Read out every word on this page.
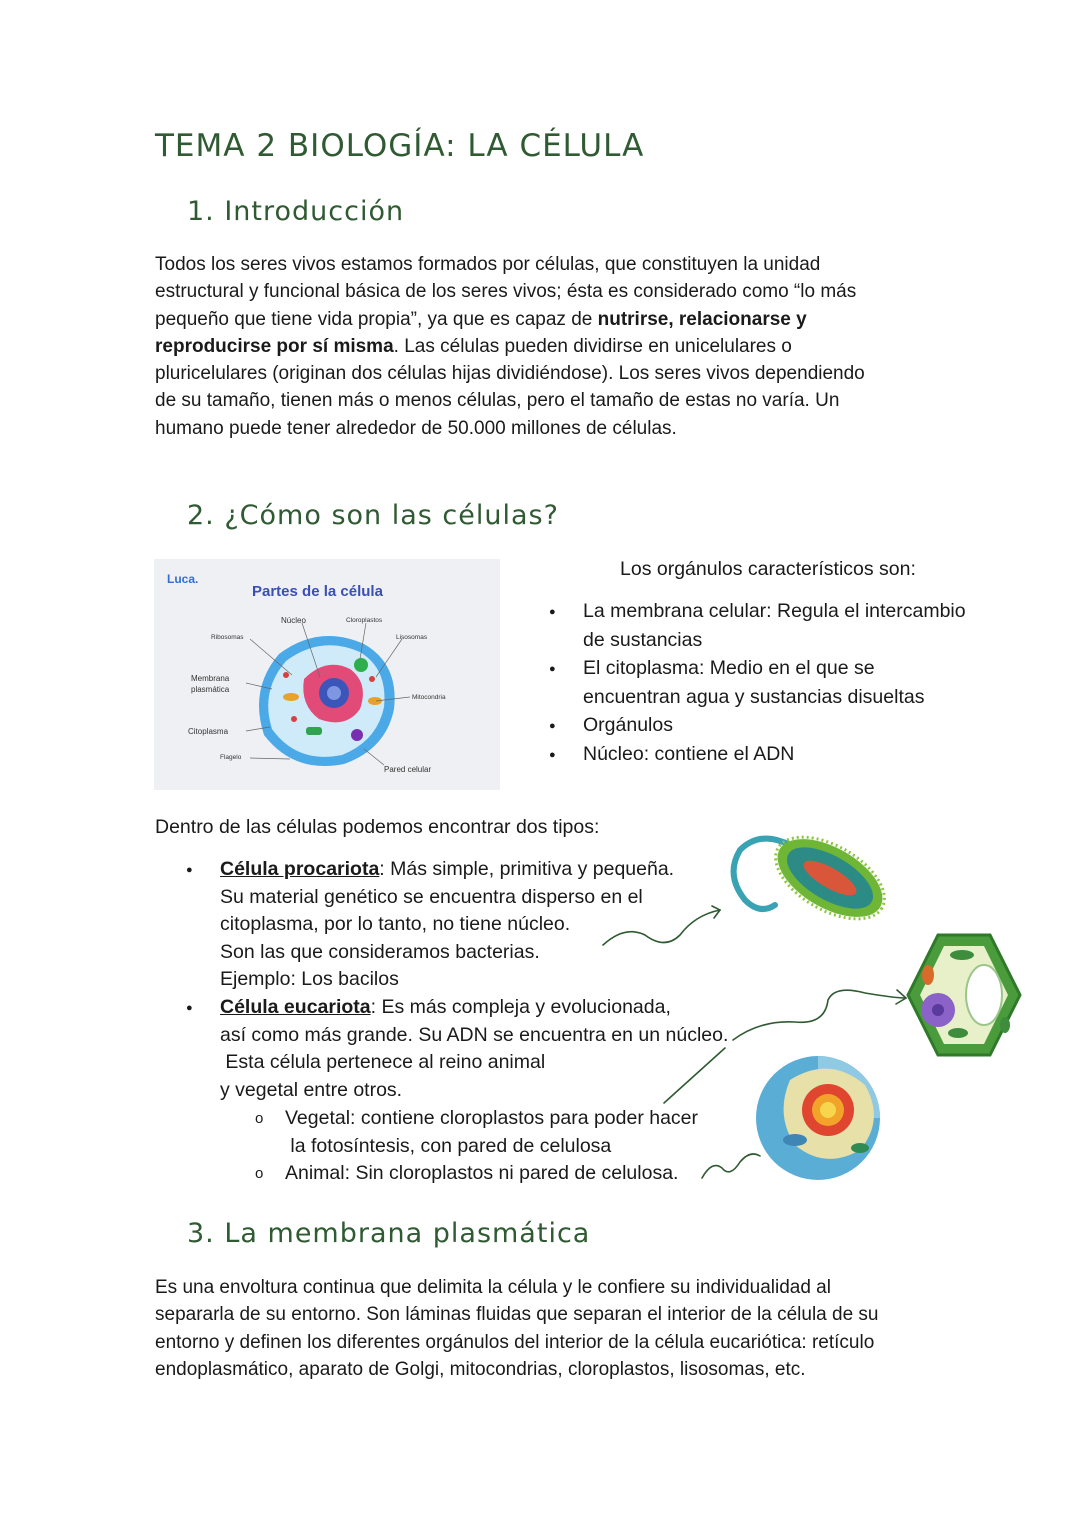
TEMA 2 BIOLOGÍA: LA CÉLULA
1. Introducción
Todos los seres vivos estamos formados por células, que constituyen la unidad
estructural y funcional básica de los seres vivos; ésta es considerado como “lo más
pequeño que tiene vida propia”, ya que es capaz de nutrirse, relacionarse y
reproducirse por sí misma. Las células pueden dividirse en unicelulares o
pluricelulares (originan dos células hijas dividiéndose). Los seres vivos dependiendo
de su tamaño, tienen más o menos células, pero el tamaño de estas no varía. Un
humano puede tener alrededor de 50.000 millones de células.
2. ¿Cómo son las células?
Luca.
Partes de la célula
Núcleo	Cloroplastos
Ribosomas	Lisosomas
Membrana
plasmática
Mitocondria
Citoplasma
Flagelo
Pared celular
Los orgánulos característicos son:
● La membrana celular: Regula el intercambio
de sustancias
● El citoplasma: Medio en el que se
encuentran agua y sustancias disueltas
● Orgánulos
● Núcleo: contiene el ADN
Dentro de las células podemos encontrar dos tipos:
● Célula procariota: Más simple, primitiva y pequeña.
Su material genético se encuentra disperso en el
citoplasma, por lo tanto, no tiene núcleo.
Son las que consideramos bacterias.
Ejemplo: Los bacilos
● Célula eucariota: Es más compleja y evolucionada,
así como más grande. Su ADN se encuentra en un núcleo.
Esta célula pertenece al reino animal
y vegetal entre otros.
o Vegetal: contiene cloroplastos para poder hacer
la fotosíntesis, con pared de celulosa
o Animal: Sin cloroplastos ni pared de celulosa.
3. La membrana plasmática
Es una envoltura continua que delimita la célula y le confiere su individualidad al
separarla de su entorno. Son láminas fluidas que separan el interior de la célula de su
entorno y definen los diferentes orgánulos del interior de la célula eucariótica: retículo
endoplasmático, aparato de Golgi, mitocondrias, cloroplastos, lisosomas, etc.
